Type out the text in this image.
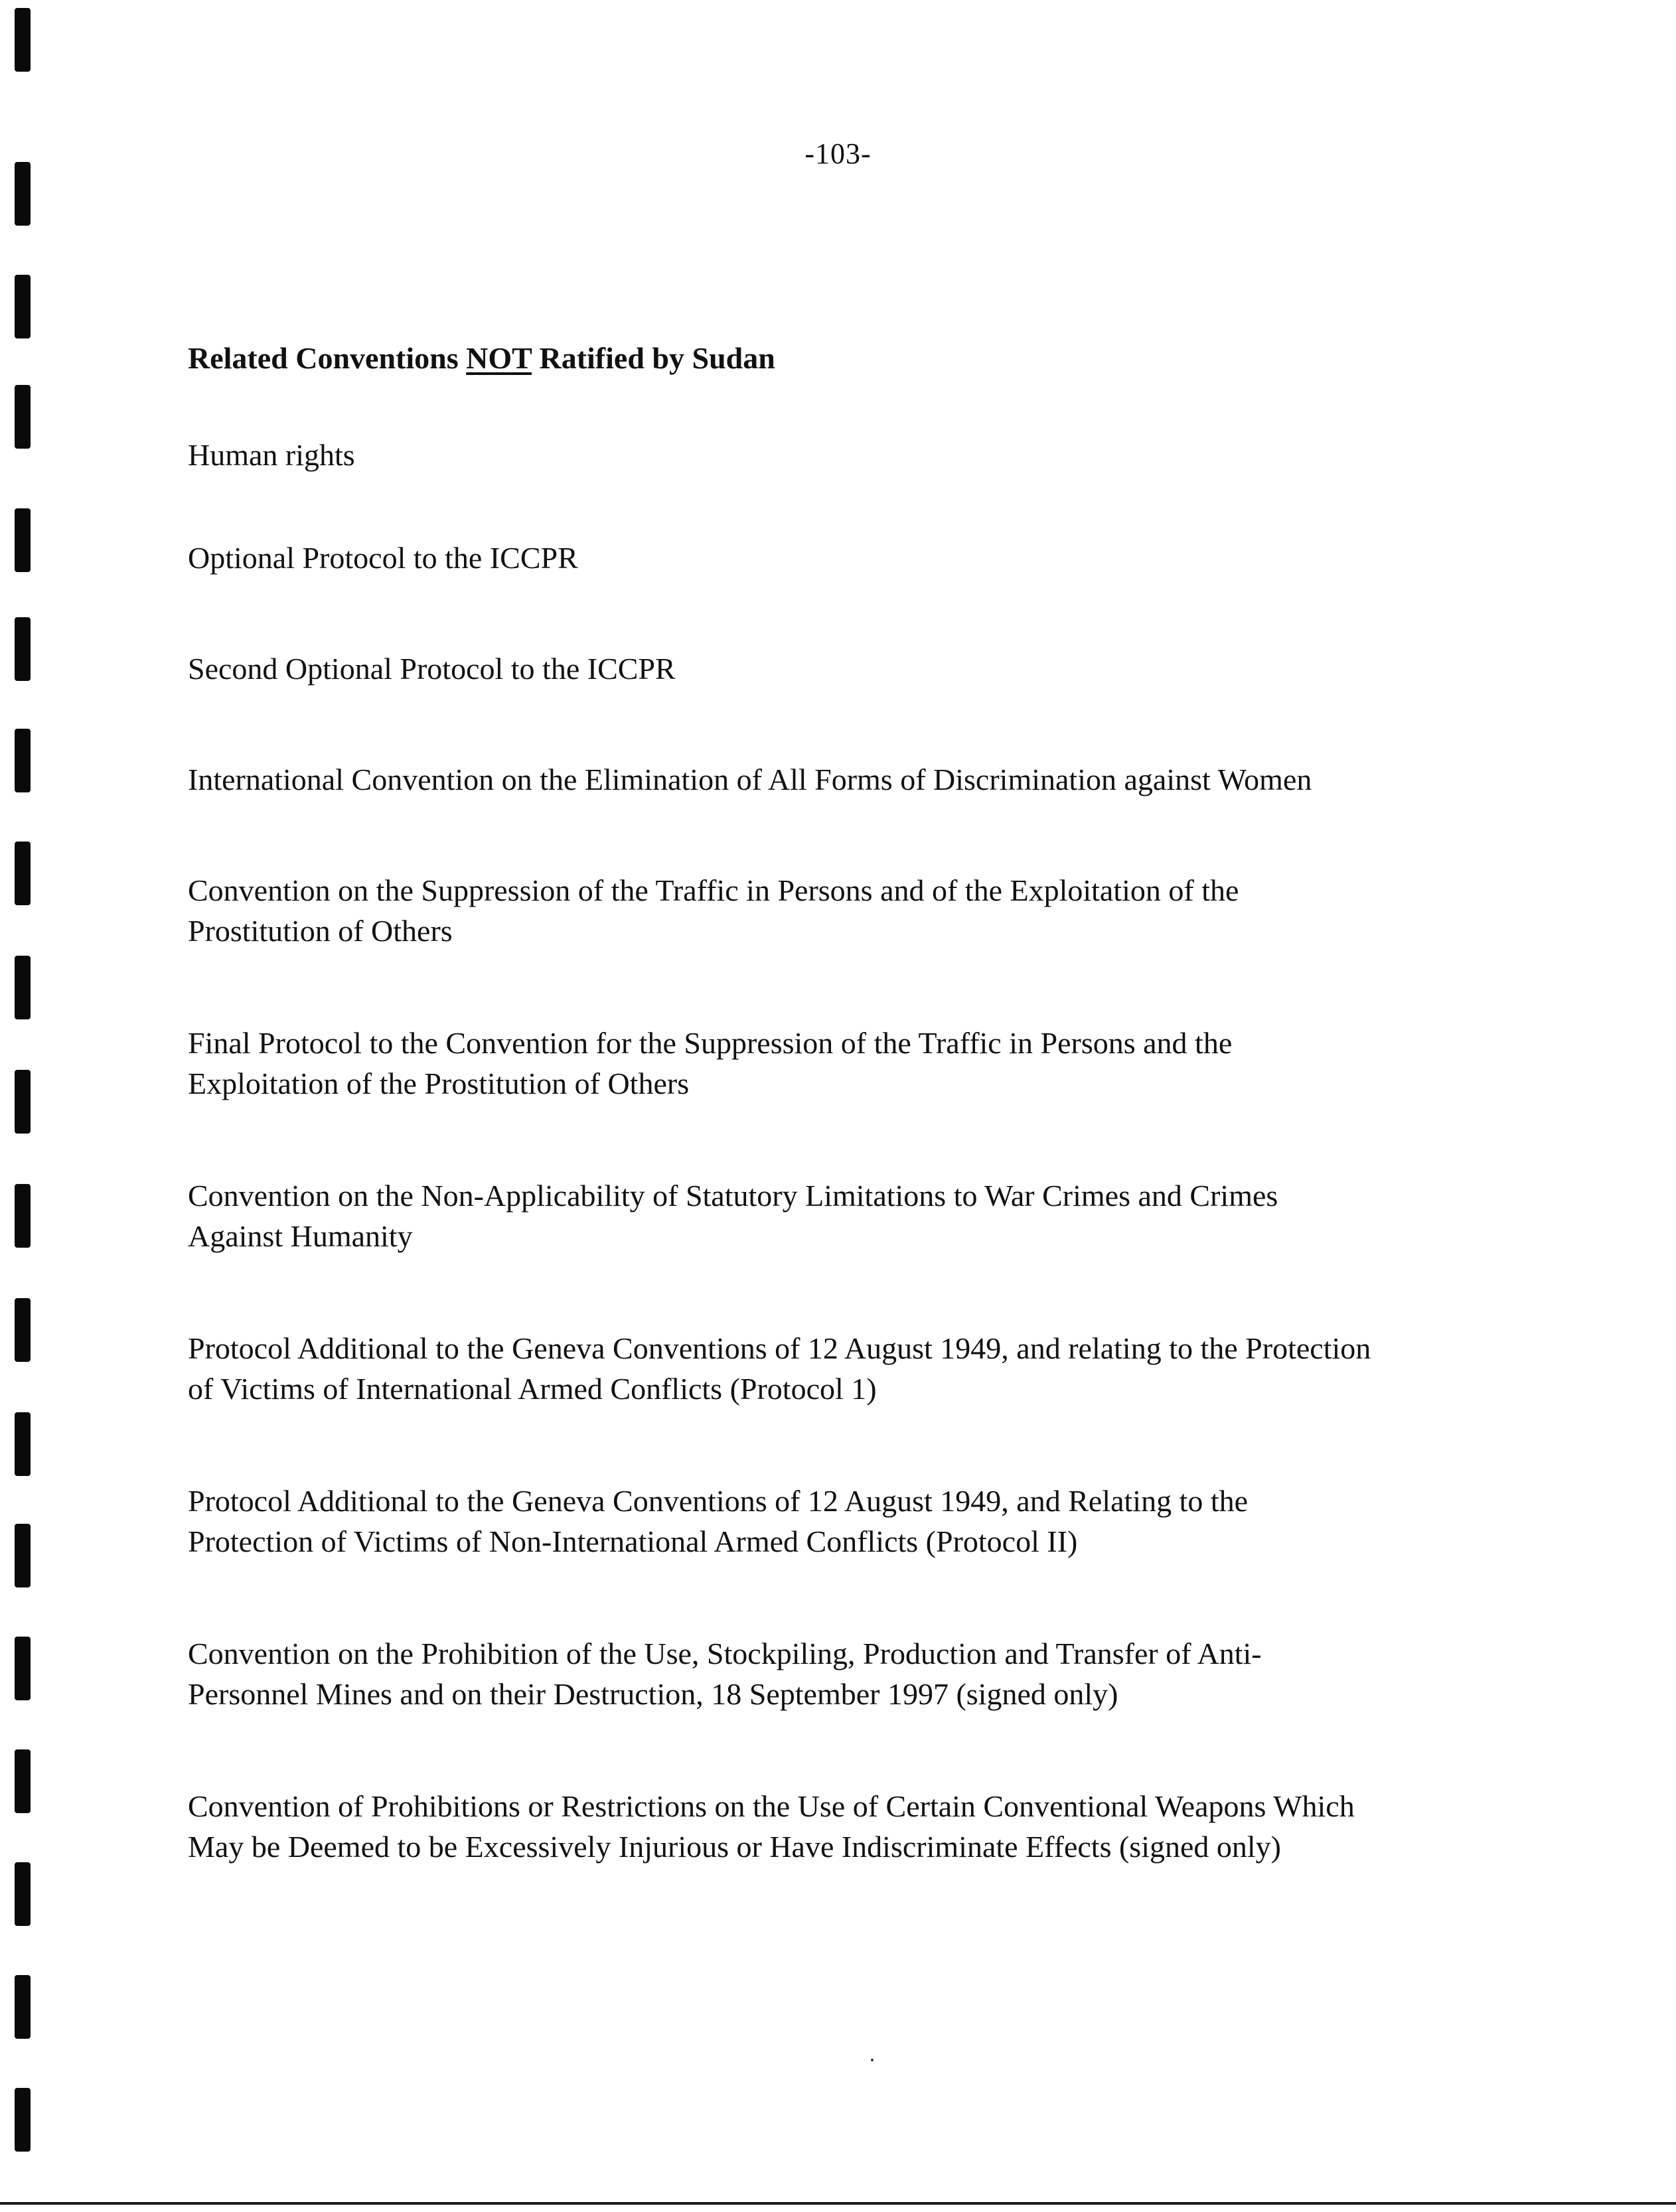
-103-
Related Conventions NOT Ratified by Sudan

Human rights

Optional Protocol to the ICCPR

Second Optional Protocol to the ICCPR

International Convention on the Elimination of All Forms of Discrimination against Women

Convention on the Suppression of the Traffic in Persons and of the Exploitation of the
Prostitution of Others

Final Protocol to the Convention for the Suppression of the Traffic in Persons and the
Exploitation of the Prostitution of Others

Convention on the Non-Applicability of Statutory Limitations to War Crimes and Crimes
Against Humanity

Protocol Additional to the Geneva Conventions of 12 August 1949, and relating to the Protection
of Victims of International Armed Conflicts (Protocol 1)

Protocol Additional to the Geneva Conventions of 12 August 1949, and Relating to the
Protection of Victims of Non-International Armed Conflicts (Protocol II)

Convention on the Prohibition of the Use, Stockpiling, Production and Transfer of Anti-
Personnel Mines and on their Destruction, 18 September 1997 (signed only)

Convention of Prohibitions or Restrictions on the Use of Certain Conventional Weapons Which
May be Deemed to be Excessively Injurious or Have Indiscriminate Effects (signed only)
